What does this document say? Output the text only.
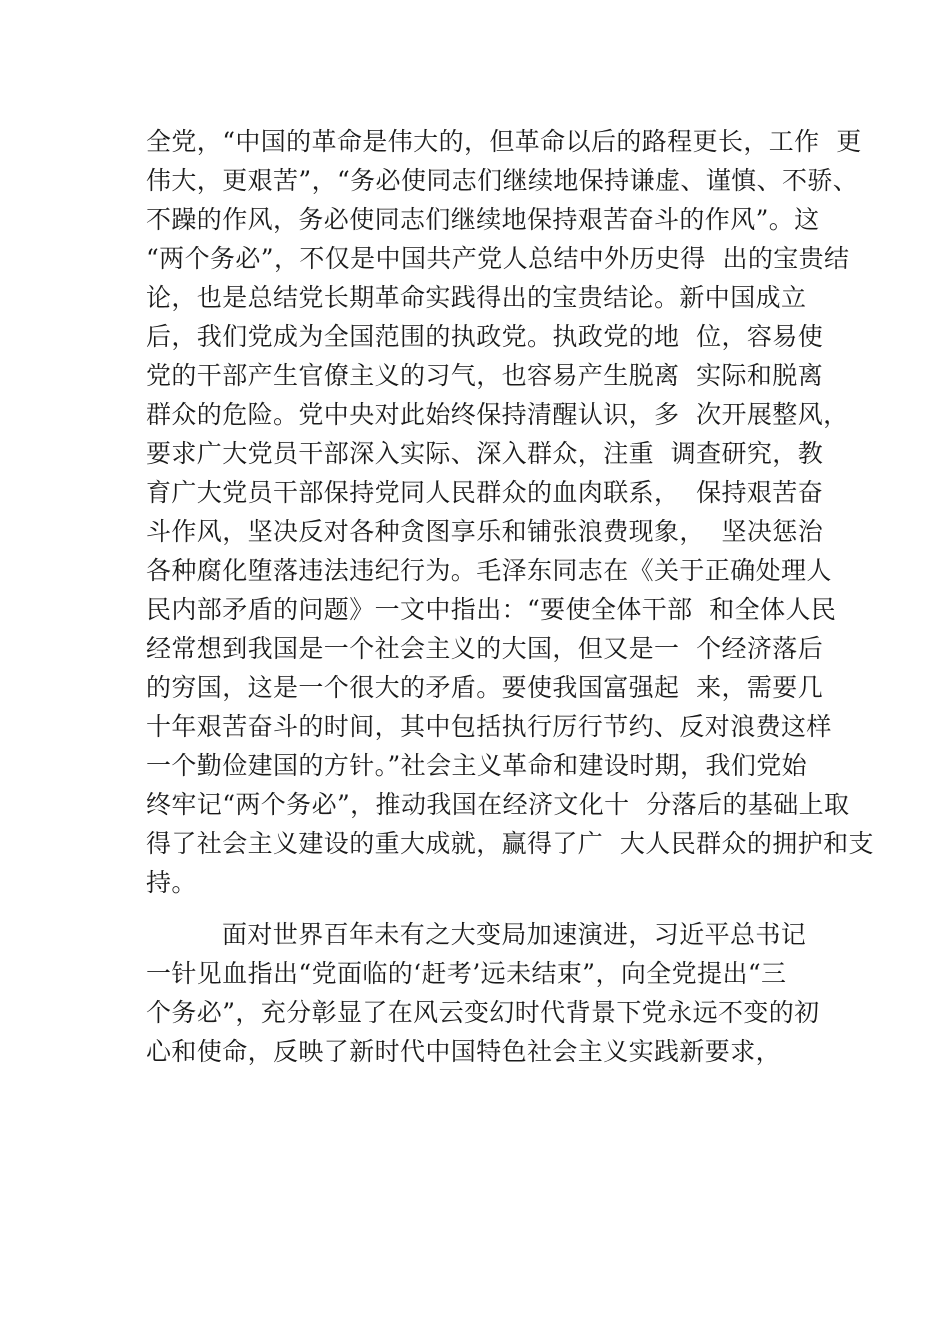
全党，“中国的革命是伟大的，但革命以后的路程更长，工作  更
伟大，更艰苦”，“务必使同志们继续地保持谦虚、谨慎、不骄、
不躁的作风，务必使同志们继续地保持艰苦奋斗的作风”。这
“两个务必”，不仅是中国共产党人总结中外历史得  出的宝贵结
论，也是总结党长期革命实践得出的宝贵结论。新中国成立
后，我们党成为全国范围的执政党。执政党的地  位，容易使
党的干部产生官僚主义的习气，也容易产生脱离  实际和脱离
群众的危险。党中央对此始终保持清醒认识，多  次开展整风，
要求广大党员干部深入实际、深入群众，注重  调查研究，教
育广大党员干部保持党同人民群众的血肉联系，  保持艰苦奋
斗作风，坚决反对各种贪图享乐和铺张浪费现象，  坚决惩治
各种腐化堕落违法违纪行为。毛泽东同志在《关于正确处理人
民内部矛盾的问题》一文中指出：“要使全体干部  和全体人民
经常想到我国是一个社会主义的大国，但又是一  个经济落后
的穷国，这是一个很大的矛盾。要使我国富强起  来，需要几
十年艰苦奋斗的时间，其中包括执行厉行节约、反对浪费这样
一个勤俭建国的方针。”社会主义革命和建设时期，我们党始
终牢记“两个务必”，推动我国在经济文化十  分落后的基础上取
得了社会主义建设的重大成就，赢得了广  大人民群众的拥护和支
持。
面对世界百年未有之大变局加速演进，习近平总书记
一针见血指出“党面临的‘赶考’远未结束”，向全党提出“三
个务必”，充分彰显了在风云变幻时代背景下党永远不变的初
心和使命，反映了新时代中国特色社会主义实践新要求，
